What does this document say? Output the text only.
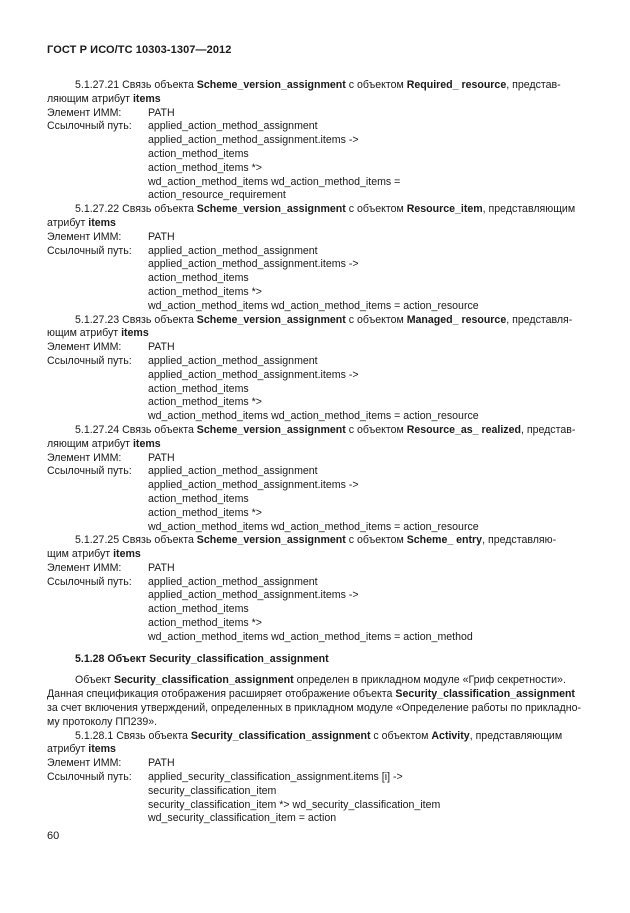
ГОСТ Р ИСО/ТС 10303-1307—2012
5.1.27.21 Связь объекта Scheme_version_assignment с объектом Required_ resource, представ-
ляющим атрибут items
Элемент ИММ:	PATH
Ссылочный путь:	applied_action_method_assignment
applied_action_method_assignment.items ->
action_method_items
action_method_items *>
wd_action_method_items wd_action_method_items =
action_resource_requirement
5.1.27.22 Связь объекта Scheme_version_assignment с объектом Resource_item, представляющим
атрибут items
Элемент ИММ:	PATH
Ссылочный путь:	applied_action_method_assignment
applied_action_method_assignment.items ->
action_method_items
action_method_items *>
wd_action_method_items wd_action_method_items = action_resource
5.1.27.23 Связь объекта Scheme_version_assignment с объектом Managed_ resource, представля-
ющим атрибут items
Элемент ИММ:	PATH
Ссылочный путь:	applied_action_method_assignment
applied_action_method_assignment.items ->
action_method_items
action_method_items *>
wd_action_method_items wd_action_method_items = action_resource
5.1.27.24 Связь объекта Scheme_version_assignment с объектом Resource_as_ realized, представ-
ляющим атрибут items
Элемент ИММ:	PATH
Ссылочный путь:	applied_action_method_assignment
applied_action_method_assignment.items ->
action_method_items
action_method_items *>
wd_action_method_items wd_action_method_items = action_resource
5.1.27.25 Связь объекта Scheme_version_assignment с объектом Scheme_ entry, представляю-
щим атрибут items
Элемент ИММ:	PATH
Ссылочный путь:	applied_action_method_assignment
applied_action_method_assignment.items ->
action_method_items
action_method_items *>
wd_action_method_items wd_action_method_items = action_method
5.1.28 Объект Security_classification_assignment
Объект Security_classification_assignment определен в прикладном модуле «Гриф секретности».
Данная спецификация отображения расширяет отображение объекта Security_classification_assignment
за счет включения утверждений, определенных в прикладном модуле «Определение работы по прикладно-
му протоколу ПП239».
5.1.28.1 Связь объекта Security_classification_assignment с объектом Activity, представляющим
атрибут items
Элемент ИММ:	PATH
Ссылочный путь:	applied_security_classification_assignment.items [i] ->
security_classification_item
security_classification_item *> wd_security_classification_item
wd_security_classification_item = action
60
